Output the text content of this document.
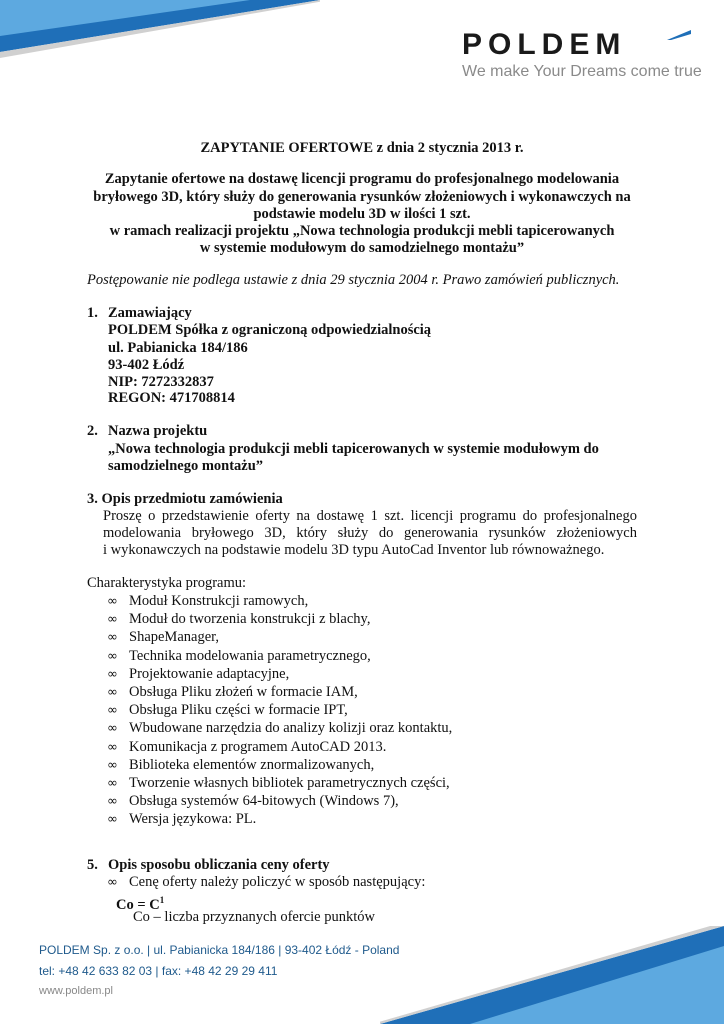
POLDEM
We make Your Dreams come true
ZAPYTANIE OFERTOWE z dnia 2 stycznia 2013 r.
Zapytanie ofertowe na dostawę licencji programu do profesjonalnego modelowania
bryłowego 3D, który służy do generowania rysunków złożeniowych i wykonawczych na
podstawie modelu 3D w ilości 1 szt.
w ramach realizacji projektu „Nowa technologia produkcji mebli tapicerowanych
w systemie modułowym do samodzielnego montażu”
Postępowanie nie podlega ustawie z dnia 29 stycznia 2004 r. Prawo zamówień publicznych.
1. Zamawiający
POLDEM Spółka z ograniczoną odpowiedzialnością
ul. Pabianicka 184/186
93-402 Łódź
NIP: 7272332837
REGON: 471708814
2. Nazwa projektu
„Nowa technologia produkcji mebli tapicerowanych w systemie modułowym do
samodzielnego montażu”
3. Opis przedmiotu zamówienia
Proszę o przedstawienie oferty na dostawę 1 szt. licencji programu do profesjonalnego
modelowania bryłowego 3D, który służy do generowania rysunków złożeniowych
i wykonawczych na podstawie modelu 3D typu AutoCad Inventor lub równoważnego.
Charakterystyka programu:
∞ Moduł Konstrukcji ramowych,
∞ Moduł do tworzenia konstrukcji z blachy,
∞ ShapeManager,
∞ Technika modelowania parametrycznego,
∞ Projektowanie adaptacyjne,
∞ Obsługa Pliku złożeń w formacie IAM,
∞ Obsługa Pliku części w formacie IPT,
∞ Wbudowane narzędzia do analizy kolizji oraz kontaktu,
∞ Komunikacja z programem AutoCAD 2013.
∞ Biblioteka elementów znormalizowanych,
∞ Tworzenie własnych bibliotek parametrycznych części,
∞ Obsługa systemów 64-bitowych (Windows 7),
∞ Wersja językowa: PL.
5. Opis sposobu obliczania ceny oferty
∞ Cenę oferty należy policzyć w sposób następujący:
$Co = C^1$
Co – liczba przyznanych ofercie punktów
POLDEM Sp. z o.o. | ul. Pabianicka 184/186 | 93-402 Łódź - Poland
tel: +48 42 633 82 03 | fax: +48 42 29 29 411
www.poldem.pl
